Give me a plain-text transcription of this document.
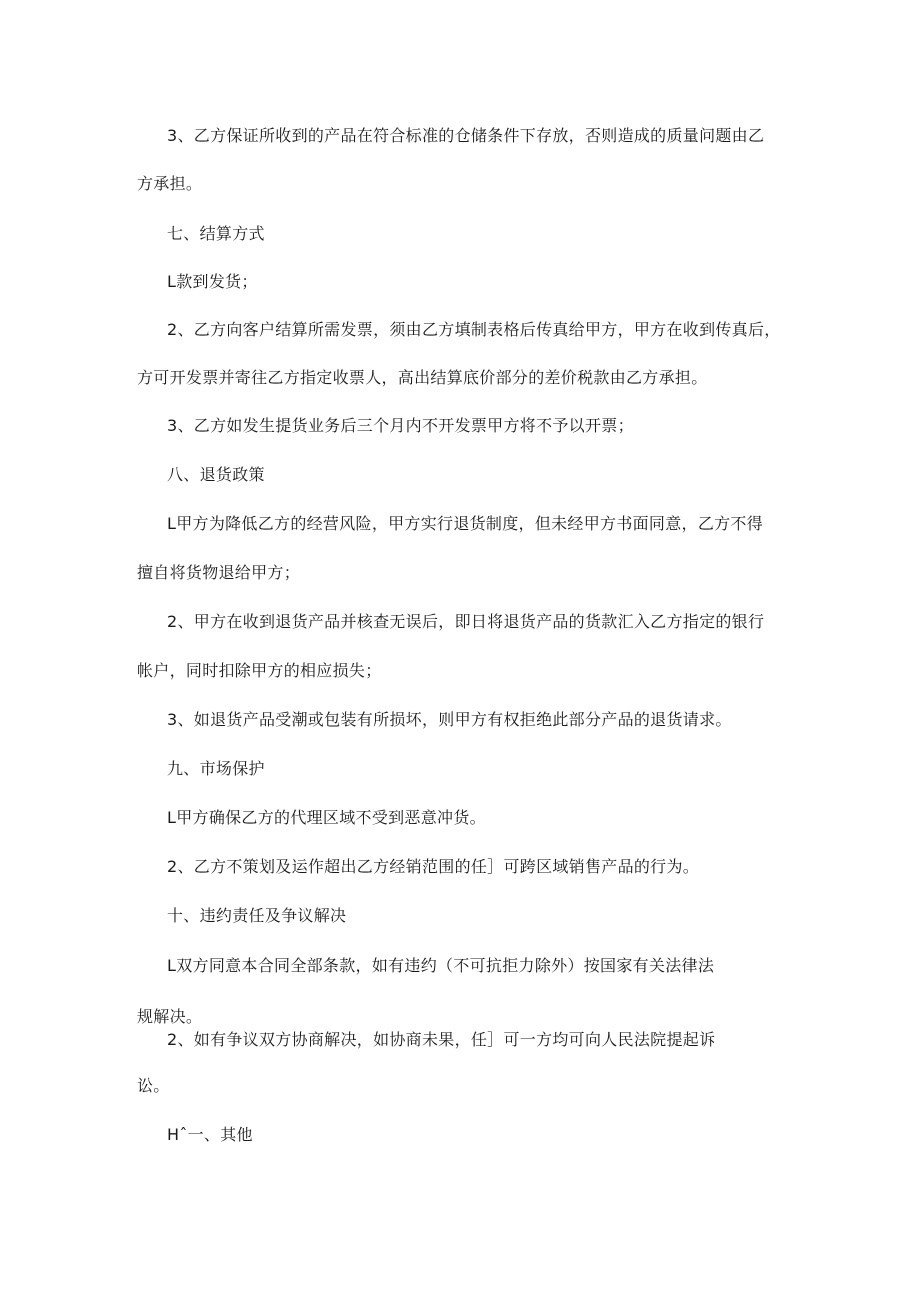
3、乙方保证所收到的产品在符合标准的仓储条件下存放，否则造成的质量问题由乙
方承担。
七、结算方式
L款到发货；
2、乙方向客户结算所需发票，须由乙方填制表格后传真给甲方，甲方在收到传真后，
方可开发票并寄往乙方指定收票人，高出结算底价部分的差价税款由乙方承担。
3、乙方如发生提货业务后三个月内不开发票甲方将不予以开票；
八、退货政策
L甲方为降低乙方的经营风险，甲方实行退货制度，但未经甲方书面同意，乙方不得
擅自将货物退给甲方；
2、甲方在收到退货产品并核查无误后，即日将退货产品的货款汇入乙方指定的银行
帐户，同时扣除甲方的相应损失；
3、如退货产品受潮或包装有所损坏，则甲方有权拒绝此部分产品的退货请求。
九、市场保护
L甲方确保乙方的代理区域不受到恶意冲货。
2、乙方不策划及运作超出乙方经销范围的任］可跨区域销售产品的行为。
十、违约责任及争议解决
L双方同意本合同全部条款，如有违约（不可抗拒力除外）按国家有关法律法
规解决。
2、如有争议双方协商解决，如协商未果，任］可一方均可向人民法院提起诉
讼。
Hˆ一、其他
